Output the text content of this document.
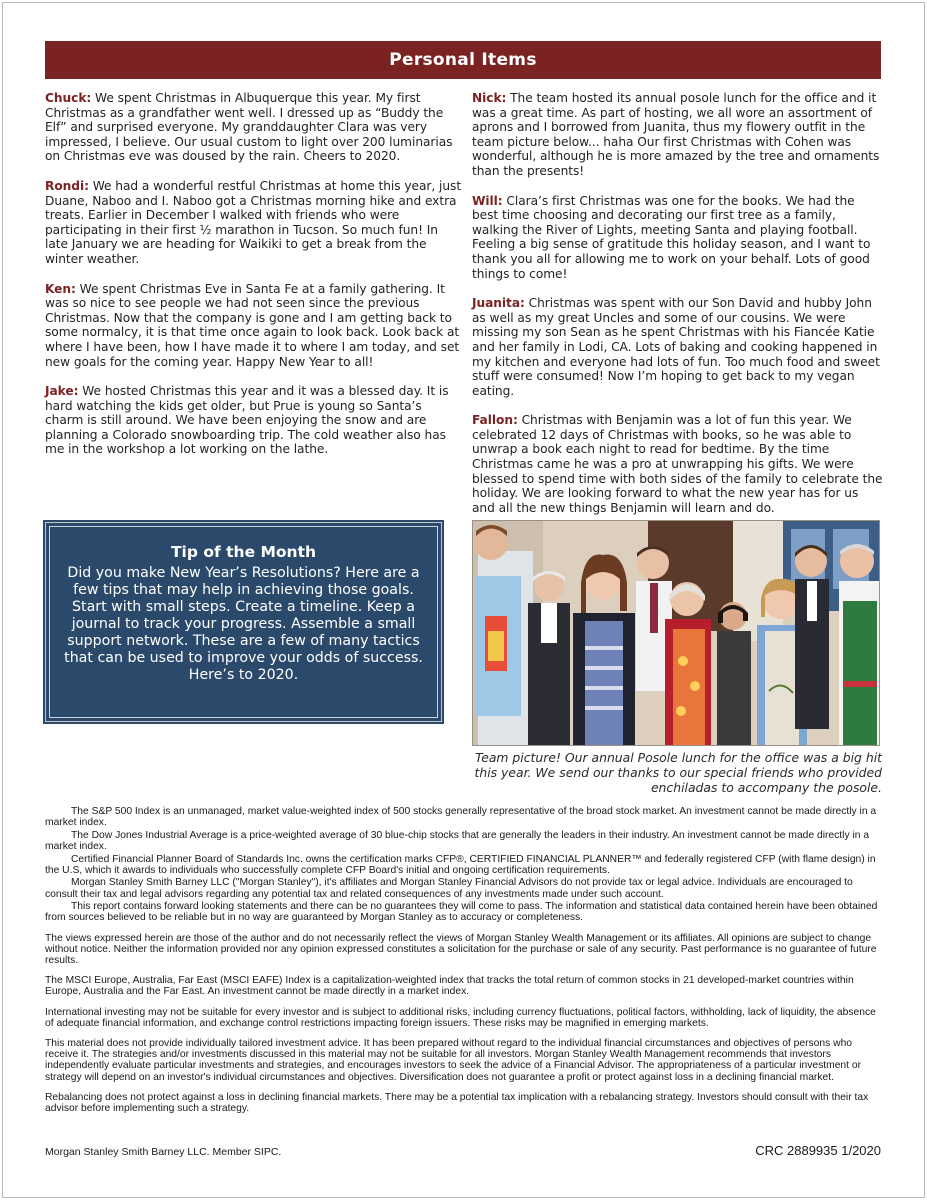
Personal Items

Chuck: We spent Christmas in Albuquerque this year. My first Christmas as a grandfather went well. I dressed up as “Buddy the Elf” and surprised everyone. My granddaughter Clara was very impressed, I believe. Our usual custom to light over 200 luminarias on Christmas eve was doused by the rain. Cheers to 2020.

Rondi: We had a wonderful restful Christmas at home this year, just Duane, Naboo and I. Naboo got a Christmas morning hike and extra treats. Earlier in December I walked with friends who were participating in their first ½ marathon in Tucson. So much fun! In late January we are heading for Waikiki to get a break from the winter weather.

Ken: We spent Christmas Eve in Santa Fe at a family gathering. It was so nice to see people we had not seen since the previous Christmas. Now that the company is gone and I am getting back to some normalcy, it is that time once again to look back. Look back at where I have been, how I have made it to where I am today, and set new goals for the coming year. Happy New Year to all!

Jake: We hosted Christmas this year and it was a blessed day. It is hard watching the kids get older, but Prue is young so Santa’s charm is still around. We have been enjoying the snow and are planning a Colorado snowboarding trip. The cold weather also has me in the workshop a lot working on the lathe.

Nick: The team hosted its annual posole lunch for the office and it was a great time. As part of hosting, we all wore an assortment of aprons and I borrowed from Juanita, thus my flowery outfit in the team picture below... haha Our first Christmas with Cohen was wonderful, although he is more amazed by the tree and ornaments than the presents!

Will: Clara’s first Christmas was one for the books. We had the best time choosing and decorating our first tree as a family, walking the River of Lights, meeting Santa and playing football. Feeling a big sense of gratitude this holiday season, and I want to thank you all for allowing me to work on your behalf. Lots of good things to come!

Juanita: Christmas was spent with our Son David and hubby John as well as my great Uncles and some of our cousins. We were missing my son Sean as he spent Christmas with his Fiancée Katie and her family in Lodi, CA. Lots of baking and cooking happened in my kitchen and everyone had lots of fun. Too much food and sweet stuff were consumed! Now I’m hoping to get back to my vegan eating.

Fallon: Christmas with Benjamin was a lot of fun this year. We celebrated 12 days of Christmas with books, so he was able to unwrap a book each night to read for bedtime. By the time Christmas came he was a pro at unwrapping his gifts. We were blessed to spend time with both sides of the family to celebrate the holiday. We are looking forward to what the new year has for us and all the new things Benjamin will learn and do.

Tip of the Month
Did you make New Year’s Resolutions? Here are a few tips that may help in achieving those goals. Start with small steps. Create a timeline. Keep a journal to track your progress. Assemble a small support network. These are a few of many tactics that can be used to improve your odds of success. Here’s to 2020.
Team picture! Our annual Posole lunch for the office was a big hit this year. We send our thanks to our special friends who provided enchiladas to accompany the posole.

The S&P 500 Index is an unmanaged, market value-weighted index of 500 stocks generally representative of the broad stock market. An investment cannot be made directly in a market index.

The Dow Jones Industrial Average is a price-weighted average of 30 blue-chip stocks that are generally the leaders in their industry. An investment cannot be made directly in a market index.

Certified Financial Planner Board of Standards Inc. owns the certification marks CFP®, CERTIFIED FINANCIAL PLANNER™ and federally registered CFP (with flame design) in the U.S, which it awards to individuals who successfully complete CFP Board's initial and ongoing certification requirements.

Morgan Stanley Smith Barney LLC ("Morgan Stanley"), it's affiliates and Morgan Stanley Financial Advisors do not provide tax or legal advice. Individuals are encouraged to consult their tax and legal advisors regarding any potential tax and related consequences of any investments made under such account.

This report contains forward looking statements and there can be no guarantees they will come to pass. The information and statistical data contained herein have been obtained from sources believed to be reliable but in no way are guaranteed by Morgan Stanley as to accuracy or completeness.

The views expressed herein are those of the author and do not necessarily reflect the views of Morgan Stanley Wealth Management or its affiliates. All opinions are subject to change without notice. Neither the information provided nor any opinion expressed constitutes a solicitation for the purchase or sale of any security. Past performance is no guarantee of future results.

The MSCI Europe, Australia, Far East (MSCI EAFE) Index is a capitalization-weighted index that tracks the total return of common stocks in 21 developed-market countries within Europe, Australia and the Far East. An investment cannot be made directly in a market index.

International investing may not be suitable for every investor and is subject to additional risks, including currency fluctuations, political factors, withholding, lack of liquidity, the absence of adequate financial information, and exchange control restrictions impacting foreign issuers. These risks may be magnified in emerging markets.

This material does not provide individually tailored investment advice. It has been prepared without regard to the individual financial circumstances and objectives of persons who receive it. The strategies and/or investments discussed in this material may not be suitable for all investors. Morgan Stanley Wealth Management recommends that investors independently evaluate particular investments and strategies, and encourages investors to seek the advice of a Financial Advisor. The appropriateness of a particular investment or strategy will depend on an investor's individual circumstances and objectives. Diversification does not guarantee a profit or protect against loss in a declining financial market.

Rebalancing does not protect against a loss in declining financial markets. There may be a potential tax implication with a rebalancing strategy. Investors should consult with their tax advisor before implementing such a strategy.

Morgan Stanley Smith Barney LLC. Member SIPC.	CRC 2889935 1/2020
